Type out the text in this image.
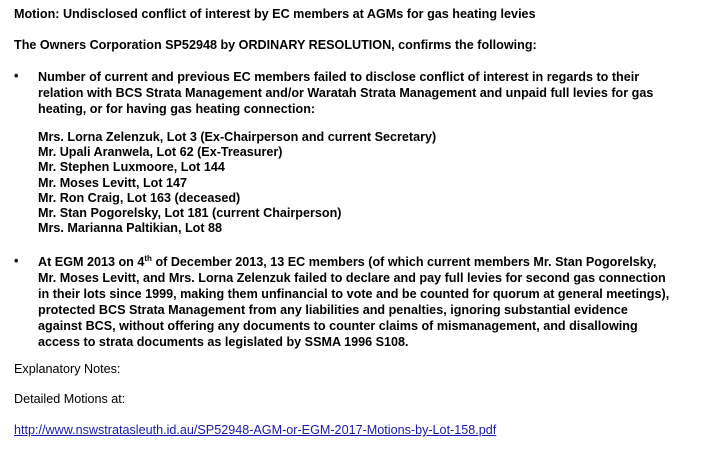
Motion: Undisclosed conflict of interest by EC members at AGMs for gas heating levies
The Owners Corporation SP52948 by ORDINARY RESOLUTION, confirms the following:
• Number of current and previous EC members failed to disclose conflict of interest in regards to their
relation with BCS Strata Management and/or Waratah Strata Management and unpaid full levies for gas
heating, or for having gas heating connection:
Mrs. Lorna Zelenzuk, Lot 3 (Ex-Chairperson and current Secretary)
Mr. Upali Aranwela, Lot 62 (Ex-Treasurer)
Mr. Stephen Luxmoore, Lot 144
Mr. Moses Levitt, Lot 147
Mr. Ron Craig, Lot 163 (deceased)
Mr. Stan Pogorelsky, Lot 181 (current Chairperson)
Mrs. Marianna Paltikian, Lot 88
• At EGM 2013 on 4th of December 2013, 13 EC members (of which current members Mr. Stan Pogorelsky,
Mr. Moses Levitt, and Mrs. Lorna Zelenzuk failed to declare and pay full levies for second gas connection
in their lots since 1999, making them unfinancial to vote and be counted for quorum at general meetings),
protected BCS Strata Management from any liabilities and penalties, ignoring substantial evidence
against BCS, without offering any documents to counter claims of mismanagement, and disallowing
access to strata documents as legislated by SSMA 1996 S108.
Explanatory Notes:
Detailed Motions at:
http://www.nswstratasleuth.id.au/SP52948-AGM-or-EGM-2017-Motions-by-Lot-158.pdf
